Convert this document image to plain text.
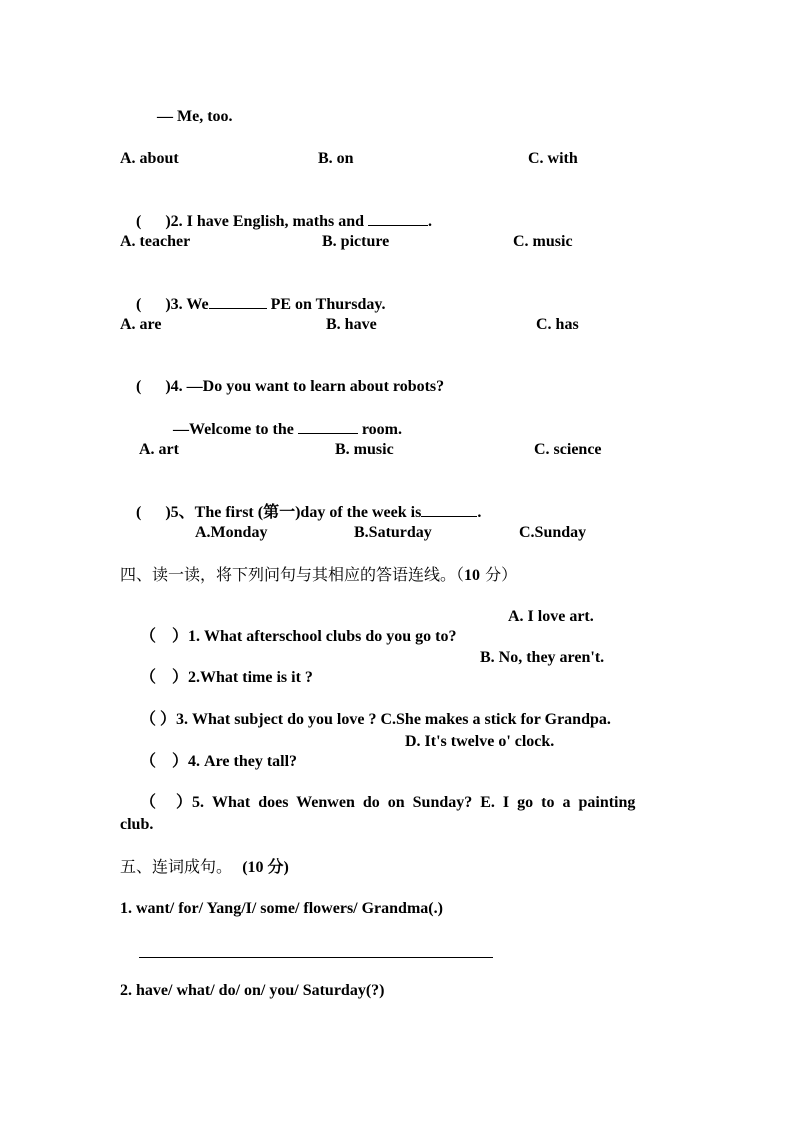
— Me, too.
A. about	B. on	C. with

(      )2. I have English, maths and	.

A. teacher	B. picture	C. music

(      )3. We	PE on Thursday.

A. are	B. have	C. has

(      )4. —Do you want to learn about robots?

—Welcome to the	room.

A. art	B. music	C. science

(      )5、The first (第一)day of the week is	.

A.Monday	B.Saturday	C.Sunday
四、读一读，将下列问句与其相应的答语连线。（10 分）

（    ）1. What afterschool clubs do you go to?

A. I love art.

（    ）2.What time is it ?

B. No, they aren't.

（ ）3. What subject do you love ? C.She makes a stick for Grandpa.

（    ）4. Are they tall?

D. It's twelve o' clock.

（     ）5.  What  does  Wenwen  do  on  Sunday?  E.  I  go  to  a  painting

club.
五、连词成句。 (10 分)
1. want/ for/ Yang/I/ some/ flowers/ Grandma(.)
2. have/ what/ do/ on/ you/ Saturday(?)
